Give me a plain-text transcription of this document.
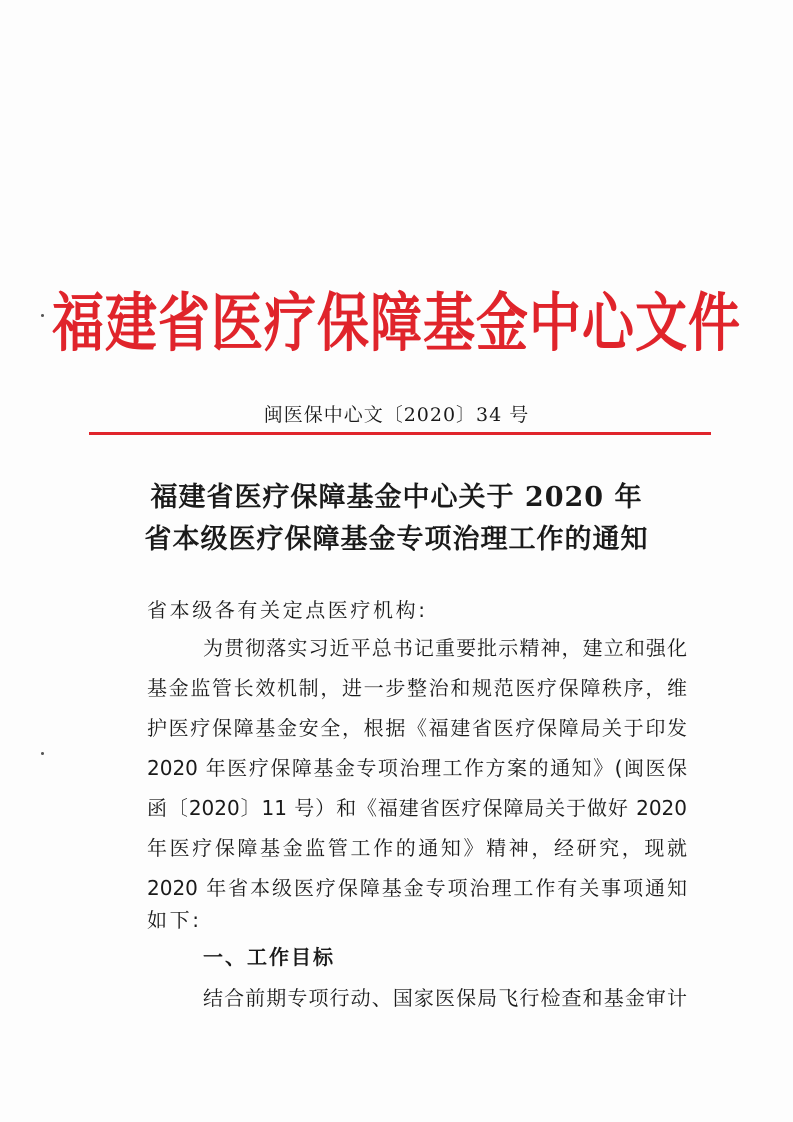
福建省医疗保障基金中心文件
闽医保中心文〔2020〕34 号
福建省医疗保障基金中心关于 2020 年
省本级医疗保障基金专项治理工作的通知
省本级各有关定点医疗机构:
为贯彻落实习近平总书记重要批示精神，建立和强化
基金监管长效机制，进一步整治和规范医疗保障秩序，维
护医疗保障基金安全，根据《福建省医疗保障局关于印发
2020 年医疗保障基金专项治理工作方案的通知》(闽医保
函〔2020〕11 号）和《福建省医疗保障局关于做好 2020
年医疗保障基金监管工作的通知》精神，经研究，现就
2020 年省本级医疗保障基金专项治理工作有关事项通知
如下:
一、工作目标
结合前期专项行动、国家医保局飞行检查和基金审计
